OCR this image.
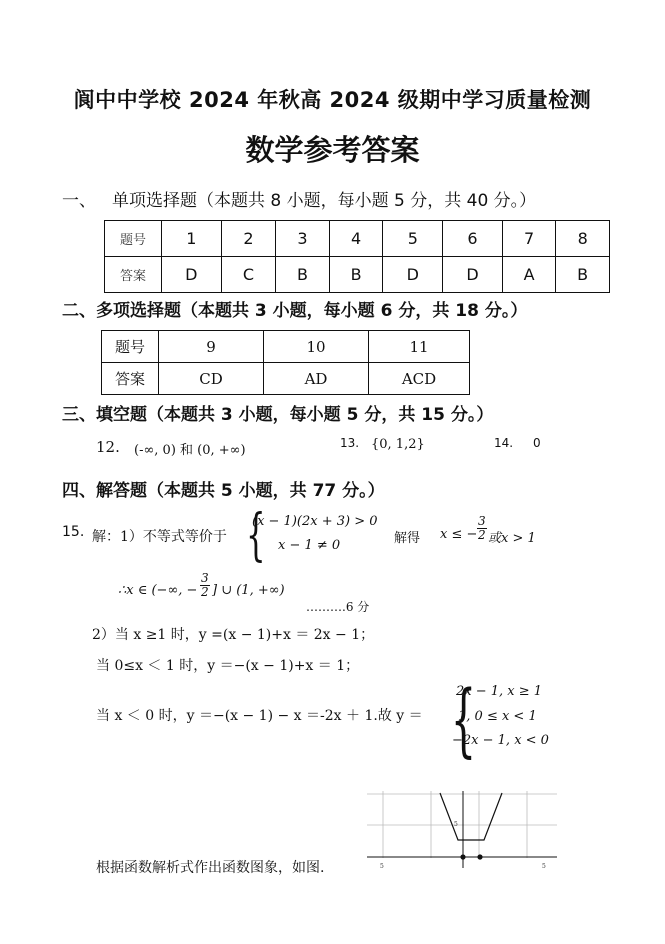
阆中中学校 2024 年秋高 2024 级期中学习质量检测
数学参考答案
一、 单项选择题（本题共 8 小题，每小题 5 分，共 40 分。）
题号	1	2	3	4	5	6	7	8
答案	D	C	B	B	D	D	A	B
二、多项选择题（本题共 3 小题，每小题 6 分，共 18 分。）
题号	9	10	11
答案	CD	AD	ACD
三、填空题（本题共 3 小题，每小题 5 分，共 15 分。）
12. (-∞, 0) 和 (0, +∞)	13. {0, 1,2}	14. 0
四、解答题（本题共 5 小题，共 77 分。）
15. 解：1）不等式等价于 {
(x − 1)(2x + 3) > 0
x − 1 ≠ 0	解得 x ≤ − $\frac{3}{2}$ 或x > 1
∴x ∈ (−∞, − $\frac{3}{2}$ ] ∪ (1, +∞)
……….6 分
2）当 x ≥1 时，y =(x − 1)+x ＝ 2x − 1；
当 0≤x ＜ 1 时，y ＝−(x − 1)+x ＝ 1；
当 x ＜ 0 时，y ＝−(x − 1) − x ＝-2x ＋ 1.故 y ＝ {
2x − 1, x ≥ 1
1, 0 ≤ x < 1
−2x − 1, x < 0
根据函数解析式作出函数图象，如图.	5	5
5
